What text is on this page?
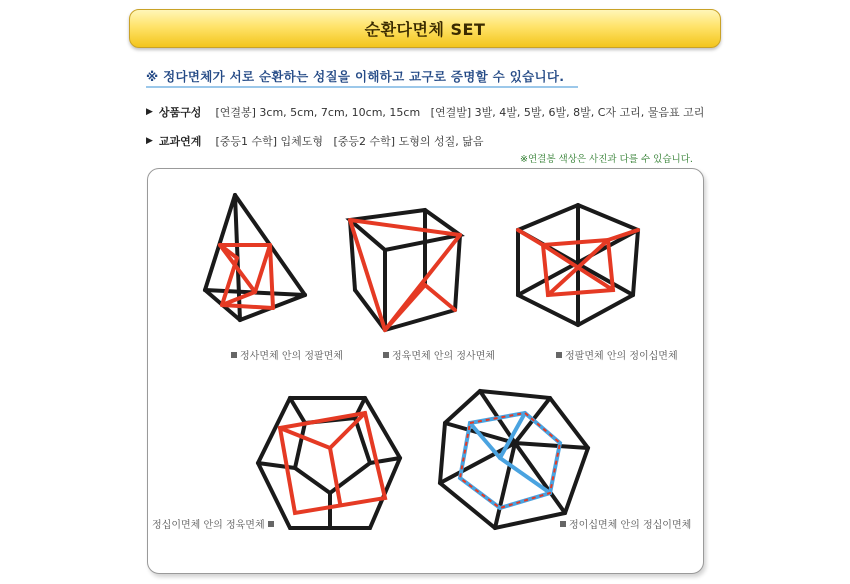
순환다면체 SET
※ 정다면체가 서로 순환하는 성질을 이해하고 교구로 증명할 수 있습니다.
▶ 상품구성 [연결봉] 3cm, 5cm, 7cm, 10cm, 15cm   [연결발] 3발, 4발, 5발, 6발, 8발, C자 고리, 물음표 고리
▶ 교과연계 [중등1 수학] 입체도형   [중등2 수학] 도형의 성질, 닮음
※연결봉 색상은 사진과 다를 수 있습니다.
정사면체 안의 정팔면체	정육면체 안의 정사면체	정팔면체 안의 정이십면체
정십이면체 안의 정육면체	정이십면체 안의 정십이면체
